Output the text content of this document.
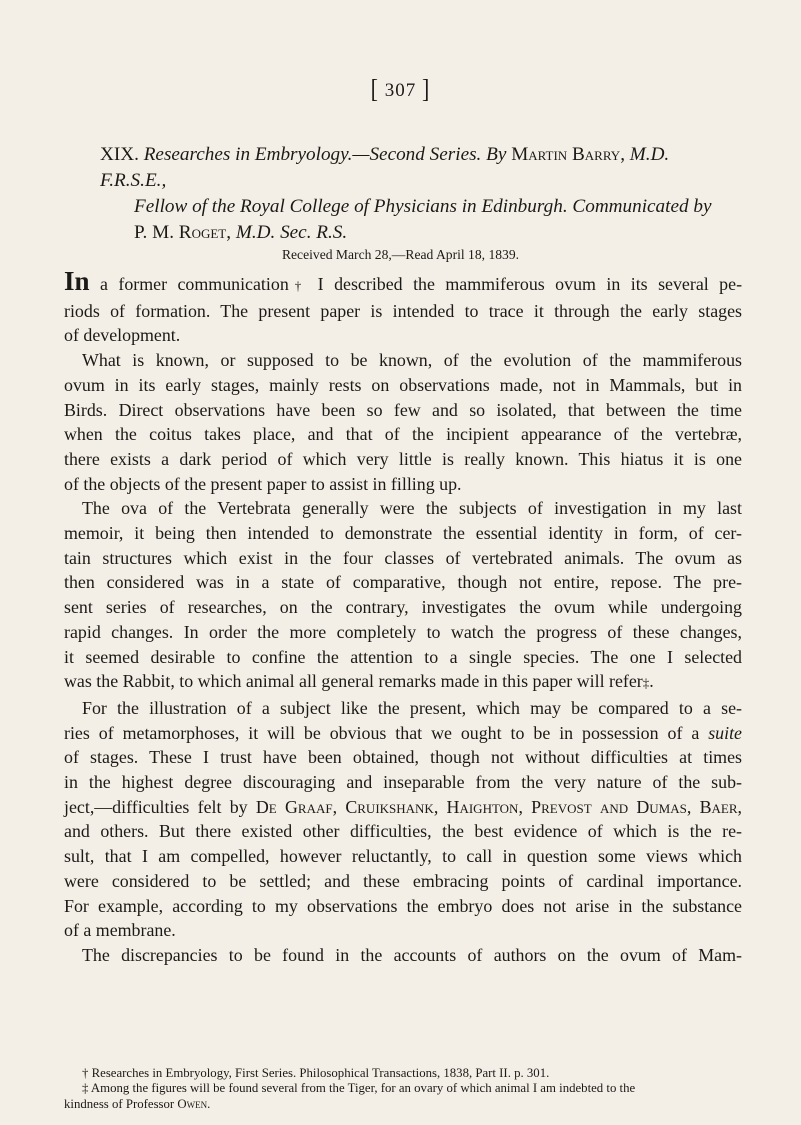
[ 307 ]
XIX. Researches in Embryology.—Second Series. By Martin Barry, M.D. F.R.S.E.,
Fellow of the Royal College of Physicians in Edinburgh. Communicated by
P. M. Roget, M.D. Sec. R.S.
Received March 28,—Read April 18, 1839.
In a former communication† I described the mammiferous ovum in its several pe-
riods of formation. The present paper is intended to trace it through the early stages
of development.
What is known, or supposed to be known, of the evolution of the mammiferous
ovum in its early stages, mainly rests on observations made, not in Mammals, but in
Birds. Direct observations have been so few and so isolated, that between the time
when the coitus takes place, and that of the incipient appearance of the vertebræ,
there exists a dark period of which very little is really known. This hiatus it is one
of the objects of the present paper to assist in filling up.
The ova of the Vertebrata generally were the subjects of investigation in my last
memoir, it being then intended to demonstrate the essential identity in form, of cer-
tain structures which exist in the four classes of vertebrated animals. The ovum as
then considered was in a state of comparative, though not entire, repose. The pre-
sent series of researches, on the contrary, investigates the ovum while undergoing
rapid changes. In order the more completely to watch the progress of these changes,
it seemed desirable to confine the attention to a single species. The one I selected
was the Rabbit, to which animal all general remarks made in this paper will refer‡.
For the illustration of a subject like the present, which may be compared to a se-
ries of metamorphoses, it will be obvious that we ought to be in possession of a suite
of stages. These I trust have been obtained, though not without difficulties at times
in the highest degree discouraging and inseparable from the very nature of the sub-
ject,—difficulties felt by De Graaf, Cruikshank, Haighton, Prevost and Dumas, Baer,
and others. But there existed other difficulties, the best evidence of which is the re-
sult, that I am compelled, however reluctantly, to call in question some views which
were considered to be settled; and these embracing points of cardinal importance.
For example, according to my observations the embryo does not arise in the substance
of a membrane.
The discrepancies to be found in the accounts of authors on the ovum of Mam-
† Researches in Embryology, First Series. Philosophical Transactions, 1838, Part II. p. 301.
‡ Among the figures will be found several from the Tiger, for an ovary of which animal I am indebted to the
kindness of Professor Owen.
